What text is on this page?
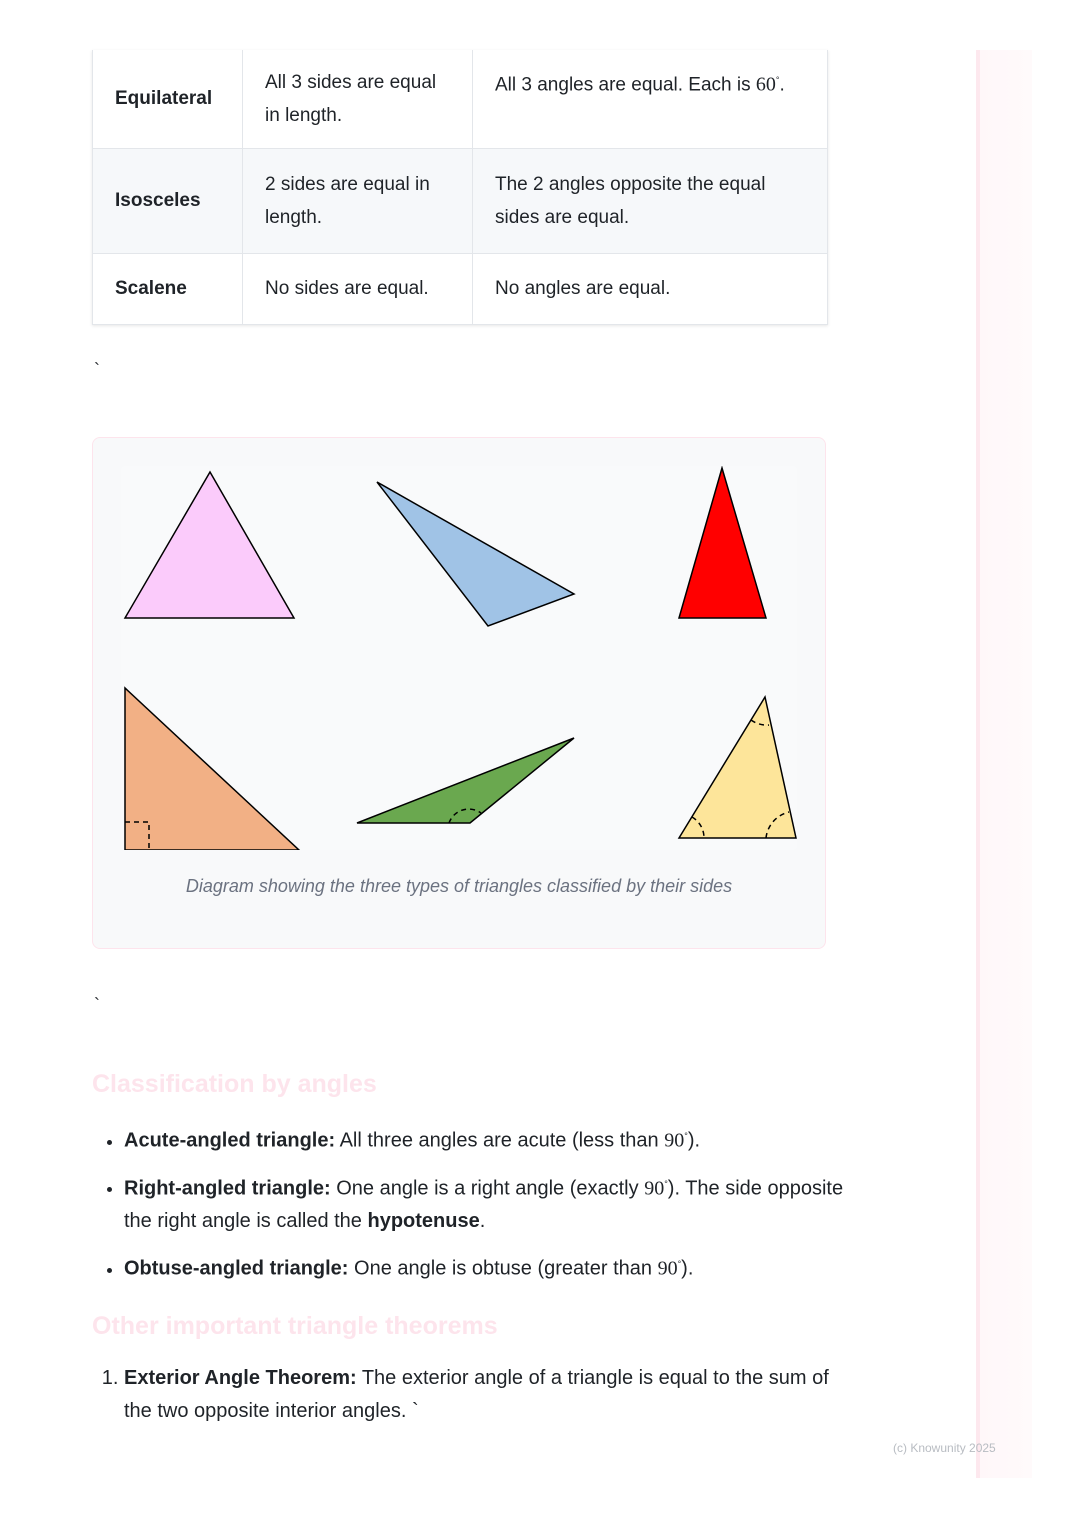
Equilateral	All 3 sides are equal in length.	All 3 angles are equal. Each is 60°.
Isosceles	2 sides are equal in length.	The 2 angles opposite the equal sides are equal.
Scalene	No sides are equal.	No angles are equal.
`
Diagram showing the three types of triangles classified by their sides
`
Classification by angles
• Acute-angled triangle: All three angles are acute (less than 90°).
• Right-angled triangle: One angle is a right angle (exactly 90°). The side opposite the right angle is called the hypotenuse.
• Obtuse-angled triangle: One angle is obtuse (greater than 90°).
Other important triangle theorems
1. Exterior Angle Theorem: The exterior angle of a triangle is equal to the sum of the two opposite interior angles. `
(c) Knowunity 2025
